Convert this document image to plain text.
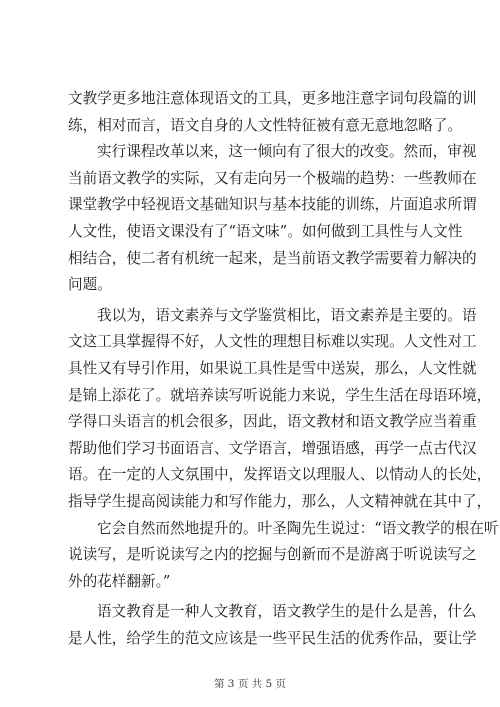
文教学更多地注意体现语文的工具，更多地注意字词句段篇的训
练，相对而言，语文自身的人文性特征被有意无意地忽略了。
实行课程改革以来，这一倾向有了很大的改变。然而，审视
当前语文教学的实际，又有走向另一个极端的趋势：一些教师在
课堂教学中轻视语文基础知识与基本技能的训练，片面追求所谓
人文性，使语文课没有了“语文味”。如何做到工具性与人文性
相结合，使二者有机统一起来，是当前语文教学需要着力解决的
问题。
我以为，语文素养与文学鉴赏相比，语文素养是主要的。语
文这工具掌握得不好，人文性的理想目标难以实现。人文性对工
具性又有导引作用，如果说工具性是雪中送炭，那么，人文性就
是锦上添花了。就培养读写听说能力来说，学生生活在母语环境，
学得口头语言的机会很多，因此，语文教材和语文教学应当着重
帮助他们学习书面语言、文学语言，增强语感，再学一点古代汉
语。在一定的人文氛围中，发挥语文以理服人、以情动人的长处，
指导学生提高阅读能力和写作能力，那么，人文精神就在其中了，
它会自然而然地提升的。叶圣陶先生说过：“语文教学的根在听
说读写，是听说读写之内的挖掘与创新而不是游离于听说读写之
外的花样翻新。”
语文教育是一种人文教育，语文教学生的是什么是善，什么
是人性，给学生的范文应该是一些平民生活的优秀作品，要让学
第 3 页 共 5 页
